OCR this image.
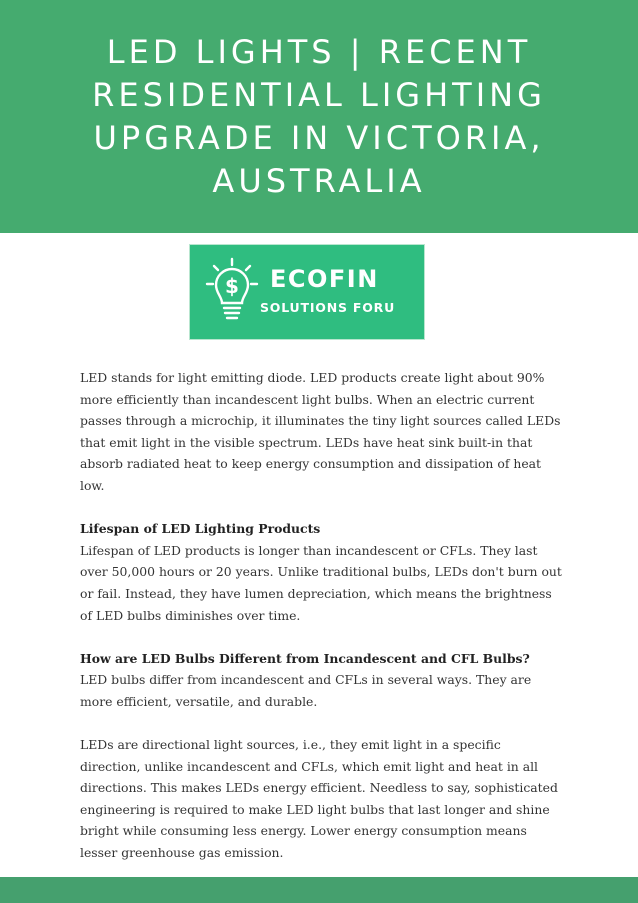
LED LIGHTS | RECENT RESIDENTIAL LIGHTING UPGRADE IN VICTORIA, AUSTRALIA
$ ECOFIN
SOLUTIONS FORU

LED stands for light emitting diode. LED products create light about 90% more efficiently than incandescent light bulbs. When an electric current passes through a microchip, it illuminates the tiny light sources called LEDs that emit light in the visible spectrum. LEDs have heat sink built-in that absorb radiated heat to keep energy consumption and dissipation of heat low.

Lifespan of LED Lighting Products

Lifespan of LED products is longer than incandescent or CFLs. They last over 50,000 hours or 20 years. Unlike traditional bulbs, LEDs don't burn out or fail. Instead, they have lumen depreciation, which means the brightness of LED bulbs diminishes over time.

How are LED Bulbs Different from Incandescent and CFL Bulbs?

LED bulbs differ from incandescent and CFLs in several ways. They are more efficient, versatile, and durable.

LEDs are directional light sources, i.e., they emit light in a specific direction, unlike incandescent and CFLs, which emit light and heat in all directions. This makes LEDs energy efficient. Needless to say, sophisticated engineering is required to make LED light bulbs that last longer and shine bright while consuming less energy. Lower energy consumption means lesser greenhouse gas emission.
